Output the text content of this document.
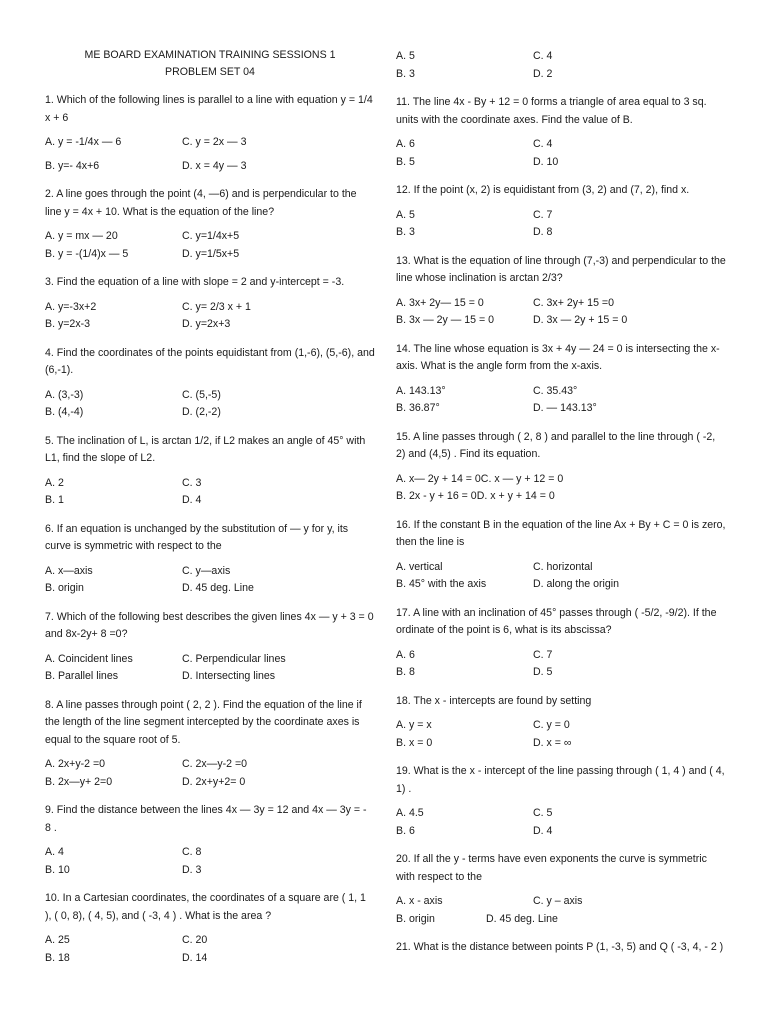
ME BOARD EXAMINATION TRAINING SESSIONS 1
PROBLEM SET 04
1. Which of the following lines is parallel to a line with equation y = 1/4 x + 6
A. y = -1/4x — 6	C. y = 2x — 3
B. y=- 4x+6	D. x = 4y — 3
2. A line goes through the point (4, —6) and is perpendicular to the line y = 4x + 10. What is the equation of the line?
A. y = mx — 20	C. y=1/4x+5
B. y = -(1/4)x — 5	D. y=1/5x+5
3. Find the equation of a line with slope = 2 and y-intercept = -3.
A. y=-3x+2	C. y= 2/3 x + 1
B. y=2x-3	D. y=2x+3
4. Find the coordinates of the points equidistant from (1,-6), (5,-6), and (6,-1).
A. (3,-3)	C. (5,-5)
B. (4,-4)	D. (2,-2)
5. The inclination of L, is arctan 1/2, if L2 makes an angle of 45° with L1, find the slope of L2.
A. 2	C. 3
B. 1	D. 4
6. If an equation is unchanged by the substitution of — y for y, its curve is symmetric with respect to the
A. x—axis	C. y—axis
B. origin	D. 45 deg. Line
7. Which of the following best describes the given lines 4x — y + 3 = 0 and 8x-2y+ 8 =0?
A. Coincident lines	C. Perpendicular lines
B. Parallel lines	D. Intersecting lines
8. A line passes through point ( 2, 2 ). Find the equation of the line if the length of the line segment intercepted by the coordinate axes is equal to the square root of 5.
A. 2x+y-2 =0	C. 2x—y-2 =0
B. 2x—y+ 2=0	D. 2x+y+2= 0
9. Find the distance between the lines 4x — 3y = 12 and 4x — 3y = - 8 .
A. 4	C. 8
B. 10	D. 3
10. In a Cartesian coordinates, the coordinates of a square are ( 1, 1 ), ( 0, 8), ( 4, 5), and ( -3, 4 ) . What is the area ?
A. 25	C. 20
B. 18	D. 14
A. 5	C. 4
B. 3	D. 2
11. The line 4x - By + 12 = 0 forms a triangle of area equal to 3 sq. units with the coordinate axes. Find the value of B.
A. 6	C. 4
B. 5	D. 10
12. If the point (x, 2) is equidistant from (3, 2) and (7, 2), find x.
A. 5	C. 7
B. 3	D. 8
13. What is the equation of line through (7,-3) and perpendicular to the line whose inclination is arctan 2/3?
A. 3x+ 2y— 15 = 0	C. 3x+ 2y+ 15 =0
B. 3x — 2y — 15 = 0	D. 3x — 2y + 15 = 0
14. The line whose equation is 3x + 4y — 24 = 0 is intersecting the x-axis. What is the angle form from the x-axis.
A. 143.13°	C. 35.43°
B. 36.87°	D. — 143.13°
15. A line passes through ( 2, 8 ) and parallel to the line through ( -2, 2) and (4,5) . Find its equation.
A. x— 2y + 14 = 0 C. x — y + 12 = 0
B. 2x - y + 16 = 0 D. x + y + 14 = 0
16. If the constant B in the equation of the line Ax + By + C = 0 is zero, then the line is
A. vertical	C. horizontal
B. 45° with the axis	D. along the origin
17. A line with an inclination of 45° passes through ( -5/2, -9/2). If the ordinate of the point is 6, what is its abscissa?
A. 6	C. 7
B. 8	D. 5
18. The x - intercepts are found by setting
A. y = x	C. y = 0
B. x = 0	D. x = ∞
19. What is the x - intercept of the line passing through ( 1, 4 ) and ( 4, 1) .
A. 4.5	C. 5
B. 6	D. 4
20. If all the y - terms have even exponents the curve is symmetric with respect to the
A. x - axis	C. y – axis
B. origin	D. 45 deg. Line
21. What is the distance between points P (1, -3, 5) and Q ( -3, 4, - 2 )
